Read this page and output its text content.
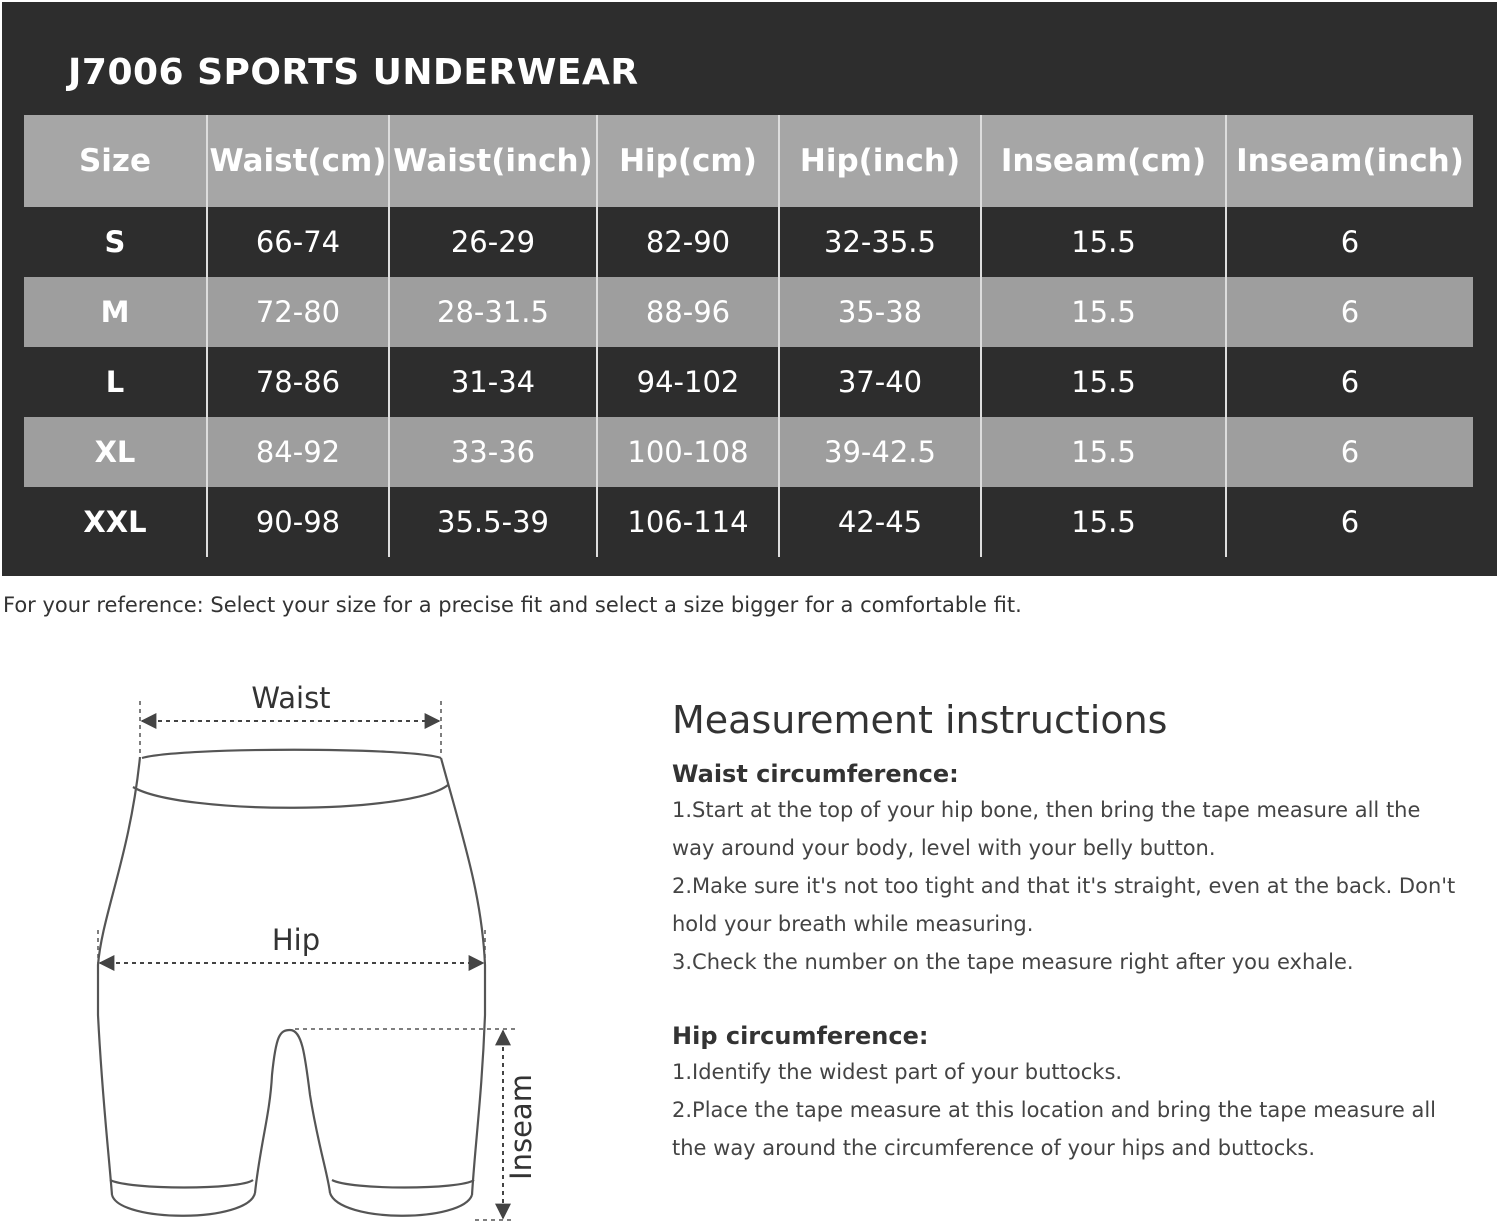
J7006 SPORTS UNDERWEAR
Size	Waist(cm)	Waist(inch)	Hip(cm)	Hip(inch)	Inseam(cm)	Inseam(inch)
S	66-74	26-29	82-90	32-35.5	15.5	6
M	72-80	28-31.5	88-96	35-38	15.5	6
L	78-86	31-34	94-102	37-40	15.5	6
XL	84-92	33-36	100-108	39-42.5	15.5	6
XXL	90-98	35.5-39	106-114	42-45	15.5	6
For your reference: Select your size for a precise fit and select a size bigger for a comfortable fit.
Waist
Hip
Inseam
Measurement instructions
Waist circumference:
1.Start at the top of your hip bone, then bring the tape measure all the
way around your body, level with your belly button.
2.Make sure it's not too tight and that it's straight, even at the back. Don't
hold your breath while measuring.
3.Check the number on the tape measure right after you exhale.
Hip circumference:
1.Identify the widest part of your buttocks.
2.Place the tape measure at this location and bring the tape measure all
the way around the circumference of your hips and buttocks.
